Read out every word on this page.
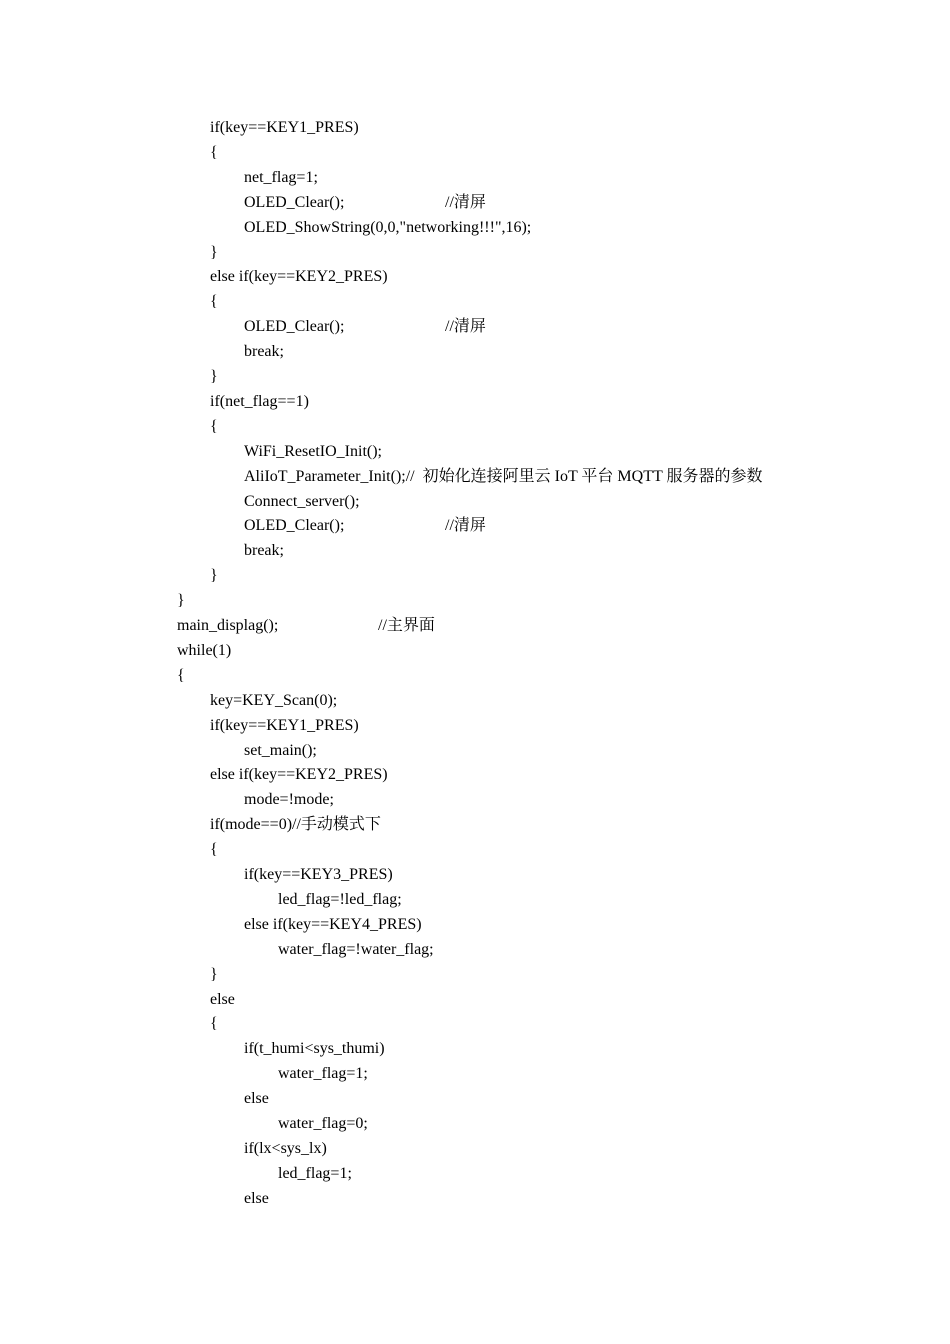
if(key==KEY1_PRES)
{
net_flag=1;
OLED_Clear();	//清屏
OLED_ShowString(0,0,"networking!!!",16);
}
else if(key==KEY2_PRES)
{
OLED_Clear();	//清屏
break;
}
if(net_flag==1)
{
WiFi_ResetIO_Init();
AliIoT_Parameter_Init();//  初始化连接阿里云 IoT 平台 MQTT 服务器的参数
Connect_server();
OLED_Clear();	//清屏
break;
}
}
main_displag();	//主界面
while(1)
{
key=KEY_Scan(0);
if(key==KEY1_PRES)
set_main();
else if(key==KEY2_PRES)
mode=!mode;
if(mode==0)//手动模式下
{
if(key==KEY3_PRES)
led_flag=!led_flag;
else if(key==KEY4_PRES)
water_flag=!water_flag;
}
else
{
if(t_humi<sys_thumi)
water_flag=1;
else
water_flag=0;
if(lx<sys_lx)
led_flag=1;
else
